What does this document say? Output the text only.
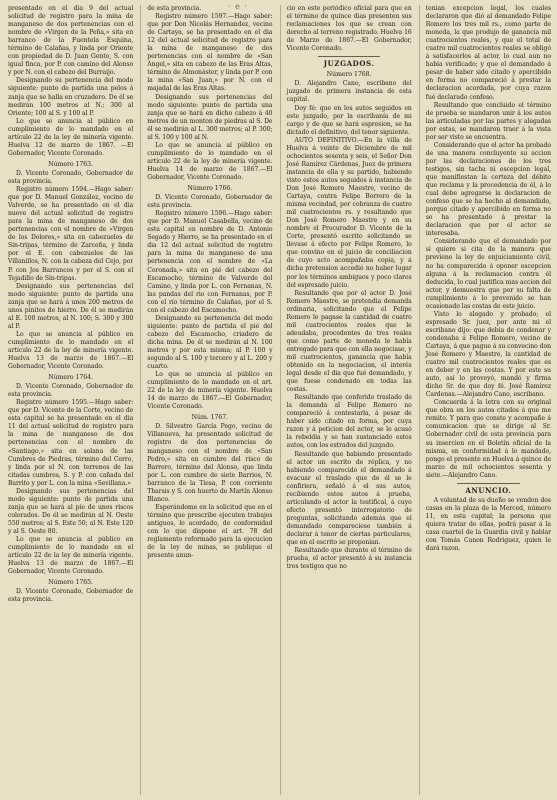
· e ·

presentado en el dia 9 del actual solicitud de registro para la mina de manganeso de dos pertenencias con el nombre de «Virgen de la Peña,» sita en barranco de la Fuentela Esquina, término de Calañas, y linda por Oriente con propiedad de D. Juan Gento, S. con igual finca, por P. con camino del Alonso y por N. con el cabezo del Burraijo.

Designando su pertenencia del modo siguiente: punto de partida una pelos á zanja que se halla en cruzadero. De él se medirán 100 metros al N.; 300 al Oriente; 100 al S. y 100 al P.

Lo que se anuncia al público en cumplimiento de lo mandado en el artículo 22 de la ley de minería vigente. Huelva 12 de marzo de 1867. —El Gobernador, Vicente Coronado.

Número 1763.

D. Vicente Coronado, Gobernador de esta provincia.

Registro número 1594.—Hago saber: que por D. Manuel González, vecino de Valverde, se ha presentado en el dia nueve del actual solicitud de registro para la mina de manganeso de dos pertenencias con el nombre de «Virgen de los Dolores,» sita en cabezuelos de Sin-tripas, término de Zarceña, y linda por el E. con cabezuelos de las Villanillos, N. con la cabeza del Cejo, por P. con Jos Barrancos y por el S. con el Tejadillo de Sin-tripas.

Designando sus pertenencias del modo siguiente: punto de partida una zanja que se hará á unos 200 metros de unos pinitos de hierro. De él se medirán al E. 100 metros, al N. 100; S. 300 y 300 al P.

Lo que se anuncia al público en cumplimiento de lo mandado en el artículo 22 de la ley de minería vigente. Huelva 13 de marzo de 1867.—El Gobernador, Vicente Coronado.

Número 1764.

D. Vicente Coronado, Gobernador de esta provincia.

Registro número 1595.—Hago saber: que por D. Vicente de la Corte, vecino de esta capital se ha presentado en el dia 11 del actual solicitud de registro para la mina de manganeso de dos pertenencias con el nombre de «Santiago,» sita en solana de las Cumbres de Piedras, término del Cerro, y linda por el N. con terrenos de las citadas cumbres, S. y P. con cañada del Barrito y por L. con la mina «Sevillana.»

Designando sus pertenencias del modo siguiente: punto de partida una zanja que se hará al pie de unos riscos colorados. De él se medirán al N. Oeste 550 metros; al S. Este 50; al N. Este 120 y al S. Oeste 80.

Lo que se anuncia al público en cumplimiento de lo mandado en el artículo 22 de la ley de minería vigente. Huelva 13 de marzo de 1867.—El Gobernador, Vicente Coronado.

Número 1765.

D. Vicente Coronado, Gobernador de esta provincia.

de esta provincia.

Registro número 1597.—Hago saber: que por Don Nicolás Hernandez, vecino de Cartaya, se ha presentado en el dia 12 del actual solicitud de registro para la mina de manganeso de dos pertenencias con el nombre de «San Angel,» sita en cabezo de las Eras Altas, término de Almonáster, y linda por P. con la mina «San Juan,» por N. con el majadal de las Eras Altas.

Designando sus pertenencias del modo siguiente: punto de partida una zanja que se hará en dicho cabezo á 40 metros de un monton de piedras al S. De él se medirán al L. 300 metros; al P. 300; al S. 100 y 100 al N.

Lo que se anuncia al público en cumplimiento de lo mandado en el artículo 22 de la ley de minería vigente. Huelva 14 de marzo de 1867.—El Gobernador, Vicente Coronado.

Número 1766.

D. Vicente Coronado, Gobernador de esta provincia.

Registro número 1596.—Hago saber: que por D. Manuel Casabella, vecino de esta capital en nombre de D. Antonio Segado y Hierro, se ha presentado en el dia 12 del actual solicitud de registro para la mina de manganeso de una pertenencia con el nombre de «La Coronada,» sita en pié del cabezo del Escamocho, término de Valverde del Camino, y linda por L. con Fernanas, N. las pandas del rio con Fernanas, por P. con el río término de Calañas, por el S. con el cabezo del Escamocho.

Designando su pertenencia del modo siguiente: punto de partida el pié del cabezo del Escamocho, criadero de dicha mina. De él se medirán al N. 100 metros y por esta misma; al P. 100 y segundo al S. 100 y tercero y al L. 200 y cuarto.

Lo que se anuncia al público en cumplimiento de lo mandado en el art. 22 de la ley de minería vigente. Huelva 14 de marzo de 1867.—El Gobernador, Vicente Coronado.

Núm. 1767.

D. Silvestre García Pego, vecino de Villanueva, ha presentado solicitud de registro de dos pertenencias de manganeso con el nombre de «San Pedro,» sita en cumbre del risco de Barrero, término del Alonso, que linda por L. con cumbre de siete Barrios, N. barranco de la Tiesa, P. con corriente Tharsis y S. con huerto de Martín Alonso Blanco.

Esperándome en la solicitud que en el término que prescribe ejecuten trabajos antiguos, lo acordado, de conformidad con lo que dispone el art. 78 del reglamento reformado para la ejecucion de la ley de minas, se publique el presente anun-

cio en este periódico oficial para que en el término de quince dias presenten sus reclamaciones los que se crean con derecho al terreno registrado. Huelva 16 de Marzo de 1867.—El Gobernador, Vicente Coronado.

JUZGADOS.
Número 1768.

D. Alejandro Cano, escribano del juzgado de primera instancia de esta capital.

Doy fé: que en los autos seguidos en este juzgado, por la escribanía de mi cargo y de que se hará espresion, se ha dictado el definitivo, del tenor siguiente.

AUTO DEFINITIVO.—En la villa de Huelva á veinte de Diciembre de mil ochocientos sesenta y seis, el Señor Don José Ramírez Cárdenas, Juez de primera instancia de ella y su partido, habiendo visto estos autos seguidos á instancia de Don José Romero Maestre, vecino de Cartaya, contra Felipe Borrero de la misma vecindad, por cobranza de cuatro mil cuatrocientos rs. y resultando que Don José Romero Maestre y en su nombre el Procurador D. Vicente de la Corte, presentó escrito solicitando se llevase á efecto por Felipe Romero, lo que convino en el juicio de conciliacion de cuyo acto acompañaba copia, y á dicha pretension accedió no haber lugar por los términos ambiguos y poco claros del espresado juicio.

Resultando que por el actor D. José Romero Maestre, se pretendia demanda ordinaria, solicitando que el Felipe Romero le pagase la cantidad de cuatro mil cuatrocientos reales que le adeudaba, procedentes de tres reales que como parte de moneda le había entregado para que con ella negociase, y mil cuatrocientos, ganancia que había obtenido en la negociacion, el interés legal desde el dia que fué demandado, y que fuese condenado en todas las costas.

Resultando que conferido traslado de la demanda al Felipe Romero no compareció á contestarla, á pesar de haber sido citado en forma, por cuya razon y á peticion del actor, se le acusó la rebeldía y se han sustanciado estos autos, con los estrados del juzgado.

Resultando que habiendo presentado el actor un escrito de réplica, y no habiendo comparecido el demandado á evacuar el traslado que de él se le confiriera, señaló á el sus autos, recibiendo estos autos á prueba, articulando el actor la testifical, á cuyo efecto presentó interrogatorio de preguntas, solicitando además que el demandado compareciese también á declarar á tenor de ciertas particulares, que en el escrito se proponian.

Resultando que durante el término de prueba, el actor presentó á su instancia tres testigos que no

tenian excepcion legal, los cuales declararon que dió al demandado Felipe Romero los tres mil rs., como parte de moneda, la que produjo de ganancia mil cuatrocientos reales, y que el total de cuatro mil cuatrocientos reales se obligó á satisfacerlos al actor, lo cual aun no había verificado; y que el demandado á pesar de haber sido citado y apercibido en forma no compareció á prestar la declaracion acordada, por cuya razon fué declarado confeso.

Resultando que concluido el término de prueba se mandaron unir á los autos las articuladas por las partes y alegadas por estas, se mandaron traer á la vista por ser visto se encuentra.

Considerando que el actor ha probado de una manera concluyente su accion por las declaraciones de los tres testigos, sin tacha ni escepcion legal, que manifiestan la certeza del débito que reclama y la procedencia de él, á lo cual debe agregarse la declaracion de confeso que se ha hecho al demandado, porque citado y apercibido en forma no se ha presentado á prestar la declaracion que por el actor se interesaba.

Considerando que el demandado por si quiere si cita de la manera que previene la ley de enjuiciamiento civil, no ha comparecido á oponer escepcion alguna á la reclamacion contra él deducida, lo cual justifica mas accion del actor, y demuestra que por su falta de cumplimiento á lo prevenido se han ocasionado las costas de este juicio.

Visto lo alegado y probado; el espresado Sr. juez, por ante mi el escribano dijo: que debia de condenar y condenaba á Felipe Romero, vecino de Cartaya, á que pague á su convecino don José Romero y Maestre, la cantidad de cuatro mil cuatrocientos reales que es en deber y en las costas. Y por este su auto, así lo proveyó, mandó y firma dicho Sr. de que doy fé. José Ramírez Cardenas.—Alejandro Cano, escribano.

Concuerda á la letra con su original que obra en los autos citados á que me remito. Y para que conste y acompañe á comunicacion que se dirige al Sr. Gobernador civil de esta provincia para su insercion en el Boletín oficial de la misma, en conformidad á lo mandado, pongo el presente en Huelva á quince de marzo de mil ochocientos sesenta y siete.—Alejandro Cano.

ANUNCIO.

A voluntad de su dueño se venden dos casas en la plaza de la Merced, número 11, en esta capital; la persona que quiera tratar de ellas, podrá pasar á la casa cuartel de la Guardia civil y hablar con Tomás Canon Rodriguez, quien le dará razon.
